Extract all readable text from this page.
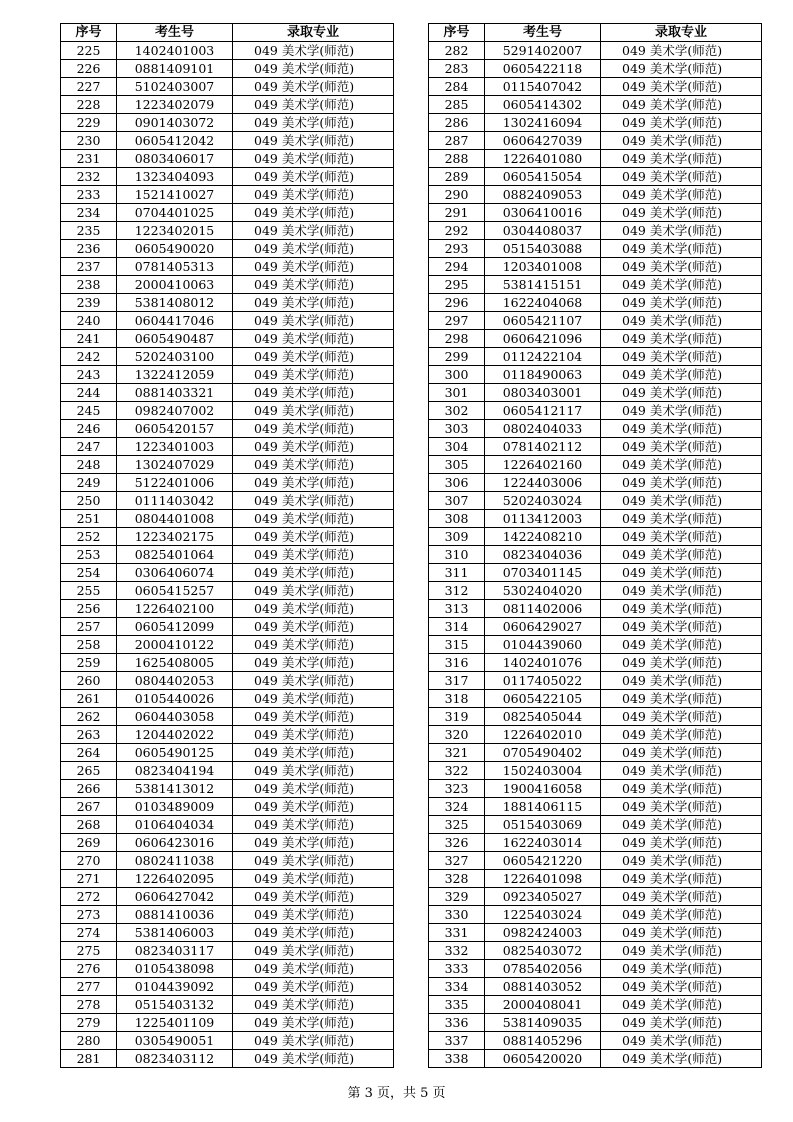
序号	考生号	录取专业
225	1402401003	049 美术学(师范)
226	0881409101	049 美术学(师范)
227	5102403007	049 美术学(师范)
228	1223402079	049 美术学(师范)
229	0901403072	049 美术学(师范)
230	0605412042	049 美术学(师范)
231	0803406017	049 美术学(师范)
232	1323404093	049 美术学(师范)
233	1521410027	049 美术学(师范)
234	0704401025	049 美术学(师范)
235	1223402015	049 美术学(师范)
236	0605490020	049 美术学(师范)
237	0781405313	049 美术学(师范)
238	2000410063	049 美术学(师范)
239	5381408012	049 美术学(师范)
240	0604417046	049 美术学(师范)
241	0605490487	049 美术学(师范)
242	5202403100	049 美术学(师范)
243	1322412059	049 美术学(师范)
244	0881403321	049 美术学(师范)
245	0982407002	049 美术学(师范)
246	0605420157	049 美术学(师范)
247	1223401003	049 美术学(师范)
248	1302407029	049 美术学(师范)
249	5122401006	049 美术学(师范)
250	0111403042	049 美术学(师范)
251	0804401008	049 美术学(师范)
252	1223402175	049 美术学(师范)
253	0825401064	049 美术学(师范)
254	0306406074	049 美术学(师范)
255	0605415257	049 美术学(师范)
256	1226402100	049 美术学(师范)
257	0605412099	049 美术学(师范)
258	2000410122	049 美术学(师范)
259	1625408005	049 美术学(师范)
260	0804402053	049 美术学(师范)
261	0105440026	049 美术学(师范)
262	0604403058	049 美术学(师范)
263	1204402022	049 美术学(师范)
264	0605490125	049 美术学(师范)
265	0823404194	049 美术学(师范)
266	5381413012	049 美术学(师范)
267	0103489009	049 美术学(师范)
268	0106404034	049 美术学(师范)
269	0606423016	049 美术学(师范)
270	0802411038	049 美术学(师范)
271	1226402095	049 美术学(师范)
272	0606427042	049 美术学(师范)
273	0881410036	049 美术学(师范)
274	5381406003	049 美术学(师范)
275	0823403117	049 美术学(师范)
276	0105438098	049 美术学(师范)
277	0104439092	049 美术学(师范)
278	0515403132	049 美术学(师范)
279	1225401109	049 美术学(师范)
280	0305490051	049 美术学(师范)
281	0823403112	049 美术学(师范)
序号	考生号	录取专业
282	5291402007	049 美术学(师范)
283	0605422118	049 美术学(师范)
284	0115407042	049 美术学(师范)
285	0605414302	049 美术学(师范)
286	1302416094	049 美术学(师范)
287	0606427039	049 美术学(师范)
288	1226401080	049 美术学(师范)
289	0605415054	049 美术学(师范)
290	0882409053	049 美术学(师范)
291	0306410016	049 美术学(师范)
292	0304408037	049 美术学(师范)
293	0515403088	049 美术学(师范)
294	1203401008	049 美术学(师范)
295	5381415151	049 美术学(师范)
296	1622404068	049 美术学(师范)
297	0605421107	049 美术学(师范)
298	0606421096	049 美术学(师范)
299	0112422104	049 美术学(师范)
300	0118490063	049 美术学(师范)
301	0803403001	049 美术学(师范)
302	0605412117	049 美术学(师范)
303	0802404033	049 美术学(师范)
304	0781402112	049 美术学(师范)
305	1226402160	049 美术学(师范)
306	1224403006	049 美术学(师范)
307	5202403024	049 美术学(师范)
308	0113412003	049 美术学(师范)
309	1422408210	049 美术学(师范)
310	0823404036	049 美术学(师范)
311	0703401145	049 美术学(师范)
312	5302404020	049 美术学(师范)
313	0811402006	049 美术学(师范)
314	0606429027	049 美术学(师范)
315	0104439060	049 美术学(师范)
316	1402401076	049 美术学(师范)
317	0117405022	049 美术学(师范)
318	0605422105	049 美术学(师范)
319	0825405044	049 美术学(师范)
320	1226402010	049 美术学(师范)
321	0705490402	049 美术学(师范)
322	1502403004	049 美术学(师范)
323	1900416058	049 美术学(师范)
324	1881406115	049 美术学(师范)
325	0515403069	049 美术学(师范)
326	1622403014	049 美术学(师范)
327	0605421220	049 美术学(师范)
328	1226401098	049 美术学(师范)
329	0923405027	049 美术学(师范)
330	1225403024	049 美术学(师范)
331	0982424003	049 美术学(师范)
332	0825403072	049 美术学(师范)
333	0785402056	049 美术学(师范)
334	0881403052	049 美术学(师范)
335	2000408041	049 美术学(师范)
336	5381409035	049 美术学(师范)
337	0881405296	049 美术学(师范)
338	0605420020	049 美术学(师范)
第 3 页，共 5 页
